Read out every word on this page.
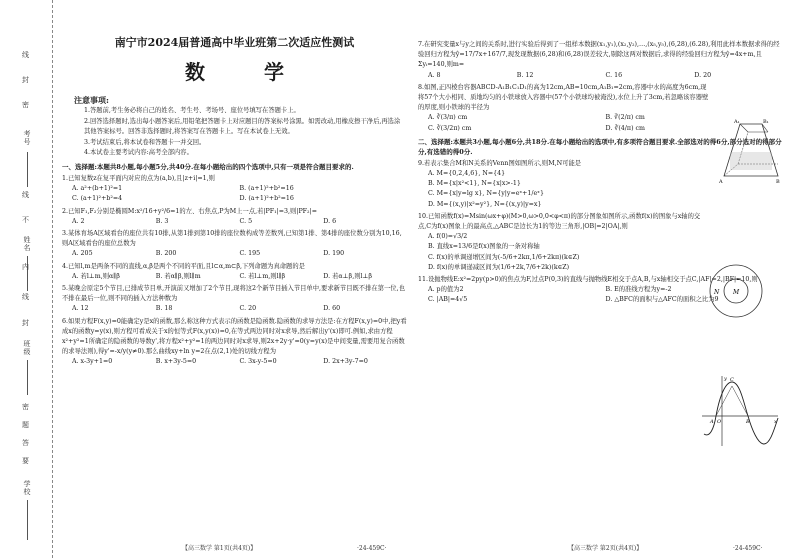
考号
姓名
班级
学校
线
不
内
线
封
密
题
答
要
密
封
线
南宁市2024届普通高中毕业班第二次适应性测试
数 学
注意事项:
1.答题前,考生务必将自己的姓名、考生号、考场号、座位号填写在答题卡上。
2.回答选择题时,选出每小题答案后,用铅笔把答题卡上对应题目的答案标号涂黑。如需改动,用橡皮擦干净后,再选涂其他答案标号。回答非选择题时,将答案写在答题卡上。写在本试卷上无效。
3.考试结束后,将本试卷和答题卡一并交回。
4.本试卷主要考试内容:高考全部内容。
一、选择题:本题共8小题,每小题5分,共40分.在每小题给出的四个选项中,只有一项是符合题目要求的.
1.已知复数z在复平面内对应的点为(a,b),且|z+i|=1,则
A. a²+(b+1)²=1	B. (a+1)²+b²=16
C. (a+1)²+b²=4	D. (a+1)²+b²=16
2.已知F₁,F₂分别是椭圆M:x²/16+y²/6=1的左、右焦点,P为M上一点,若|PF₁|=3,则|PF₂|=
A. 2	B. 3	C. 5	D. 6
3.某体育场A区域看台的座位共有10排,从第1排到第10排的座位数构成等差数列,已知第1排、第4排的座位数分别为10,16,则A区域看台的座位总数为
A. 205	B. 200	C. 195	D. 190
4.已知l,m是两条不同的直线,α,β是两个不同的平面,且l⊂α,m⊂β,下列命题为真命题的是
A. 若l⊥m,则α∥β	B. 若α∥β,则l∥m	C. 若l⊥m,则l∥β	D. 若α⊥β,则l⊥β
5.某晚会原定5个节目,已排成节目单,开演前又增加了2个节目,现将这2个新节目插入节目单中,要求新节目既不排在第一位,也不排在最后一位,则不同的插入方法种数为
A. 12	B. 18	C. 20	D. 60
6.如果方程F(x,y)=0能确定y是x的函数,那么称这种方式表示的函数是隐函数.隐函数的求导方法是:在方程F(x,y)=0中,把y看成x的函数y=y(x),则方程可看成关于x的恒等式F(x,y(x))=0,在等式两边同时对x求导,然后解出y'(x)即可.例如,求由方程x²+y²=1所确定的隐函数的导数y',将方程x²+y²=1的两边同时对x求导,则2x+2y·y'=0(y=y(x)是中间变量,需要用复合函数的求导法则),得y'=-x/y(y≠0).那么曲线xy+ln y=2在点(2,1)处的切线方程为
A. x-3y+1=0	B. x+3y-5=0	C. 3x-y-5=0	D. 2x+3y-7=0
【高三数学 第1页(共4页)】	·24-459C·
7.在研究变量x与y之间的关系时,进行实验后得到了一组样本数据(x₁,y₁),(x₂,y₂),…,(x₅,y₅),(6,28),(6.28),利用此样本数据求得的经验回归方程为ŷ=17/7x+167/7,现发现数据(6,28)和(6,28)误差较大,剔除这两对数据后,求得的经验回归方程为ŷ=4x+m,且Σyᵢ=140,则m=
A. 8	B. 12	C. 16	D. 20
8.如图,正四棱台容器ABCD-A₁B₁C₁D₁的高为12cm,AB=10cm,A₁B₁=2cm,容器中水的高度为6cm,现将57个大小相同、质地均匀的小铁球放入容器中(57个小铁球均被淹没),水位上升了3cm,若忽略该容器壁的厚度,则小铁球的半径为
A. ∛(3/π) cm	B. ∛(2/π) cm
C. ∛(3/2π) cm	D. ∛(4/π) cm
二、选择题:本题共3小题,每小题6分,共18分.在每小题给出的选项中,有多项符合题目要求.全部选对的得6分,部分选对的得部分分,有选错的得0分.
9.若表示集合M和N关系的Venn图如图所示,则M,N可能是
A. M={0,2,4,6}, N={4}
B. M={x|x²<1}, N={x|x>-1}
C. M={x|y=lg x}, N={y|y=eˣ+1/eˣ}
D. M={(x,y)|x²=y²}, N={(x,y)|y=x}
10.已知函数f(x)=Msin(ωx+φ)(M>0,ω>0,0<φ<π)的部分图象如图所示,函数f(x)的图象与x轴的交点,C为f(x)图象上的最高点,△ABC是边长为1的等边三角形,|OB|=2|OA|,则
A. f(0)=√3/2
B. 直线x=13/6是f(x)图象的一条对称轴
C. f(x)的单调递增区间为(-5/6+2kπ,1/6+2kπ)(k∈Z)
D. f(x)的单调递减区间为(1/6+2k,7/6+2k)(k∈Z)
11.设抛物线E:x²=2py(p>0)的焦点为F,过点P(0,3)的直线与抛物线E相交于点A,B,与x轴相交于点C,|AF|=2,|BF|=10,则
A. p的值为2	B. E的准线方程为y=-2
C. |AB|=4√5	D. △BFC的面积与△AFC的面积之比为9
【高三数学 第2页(共4页)】	·24-459C·
A₁	B₁
A	B
N M
y
x
O
A	B
C
